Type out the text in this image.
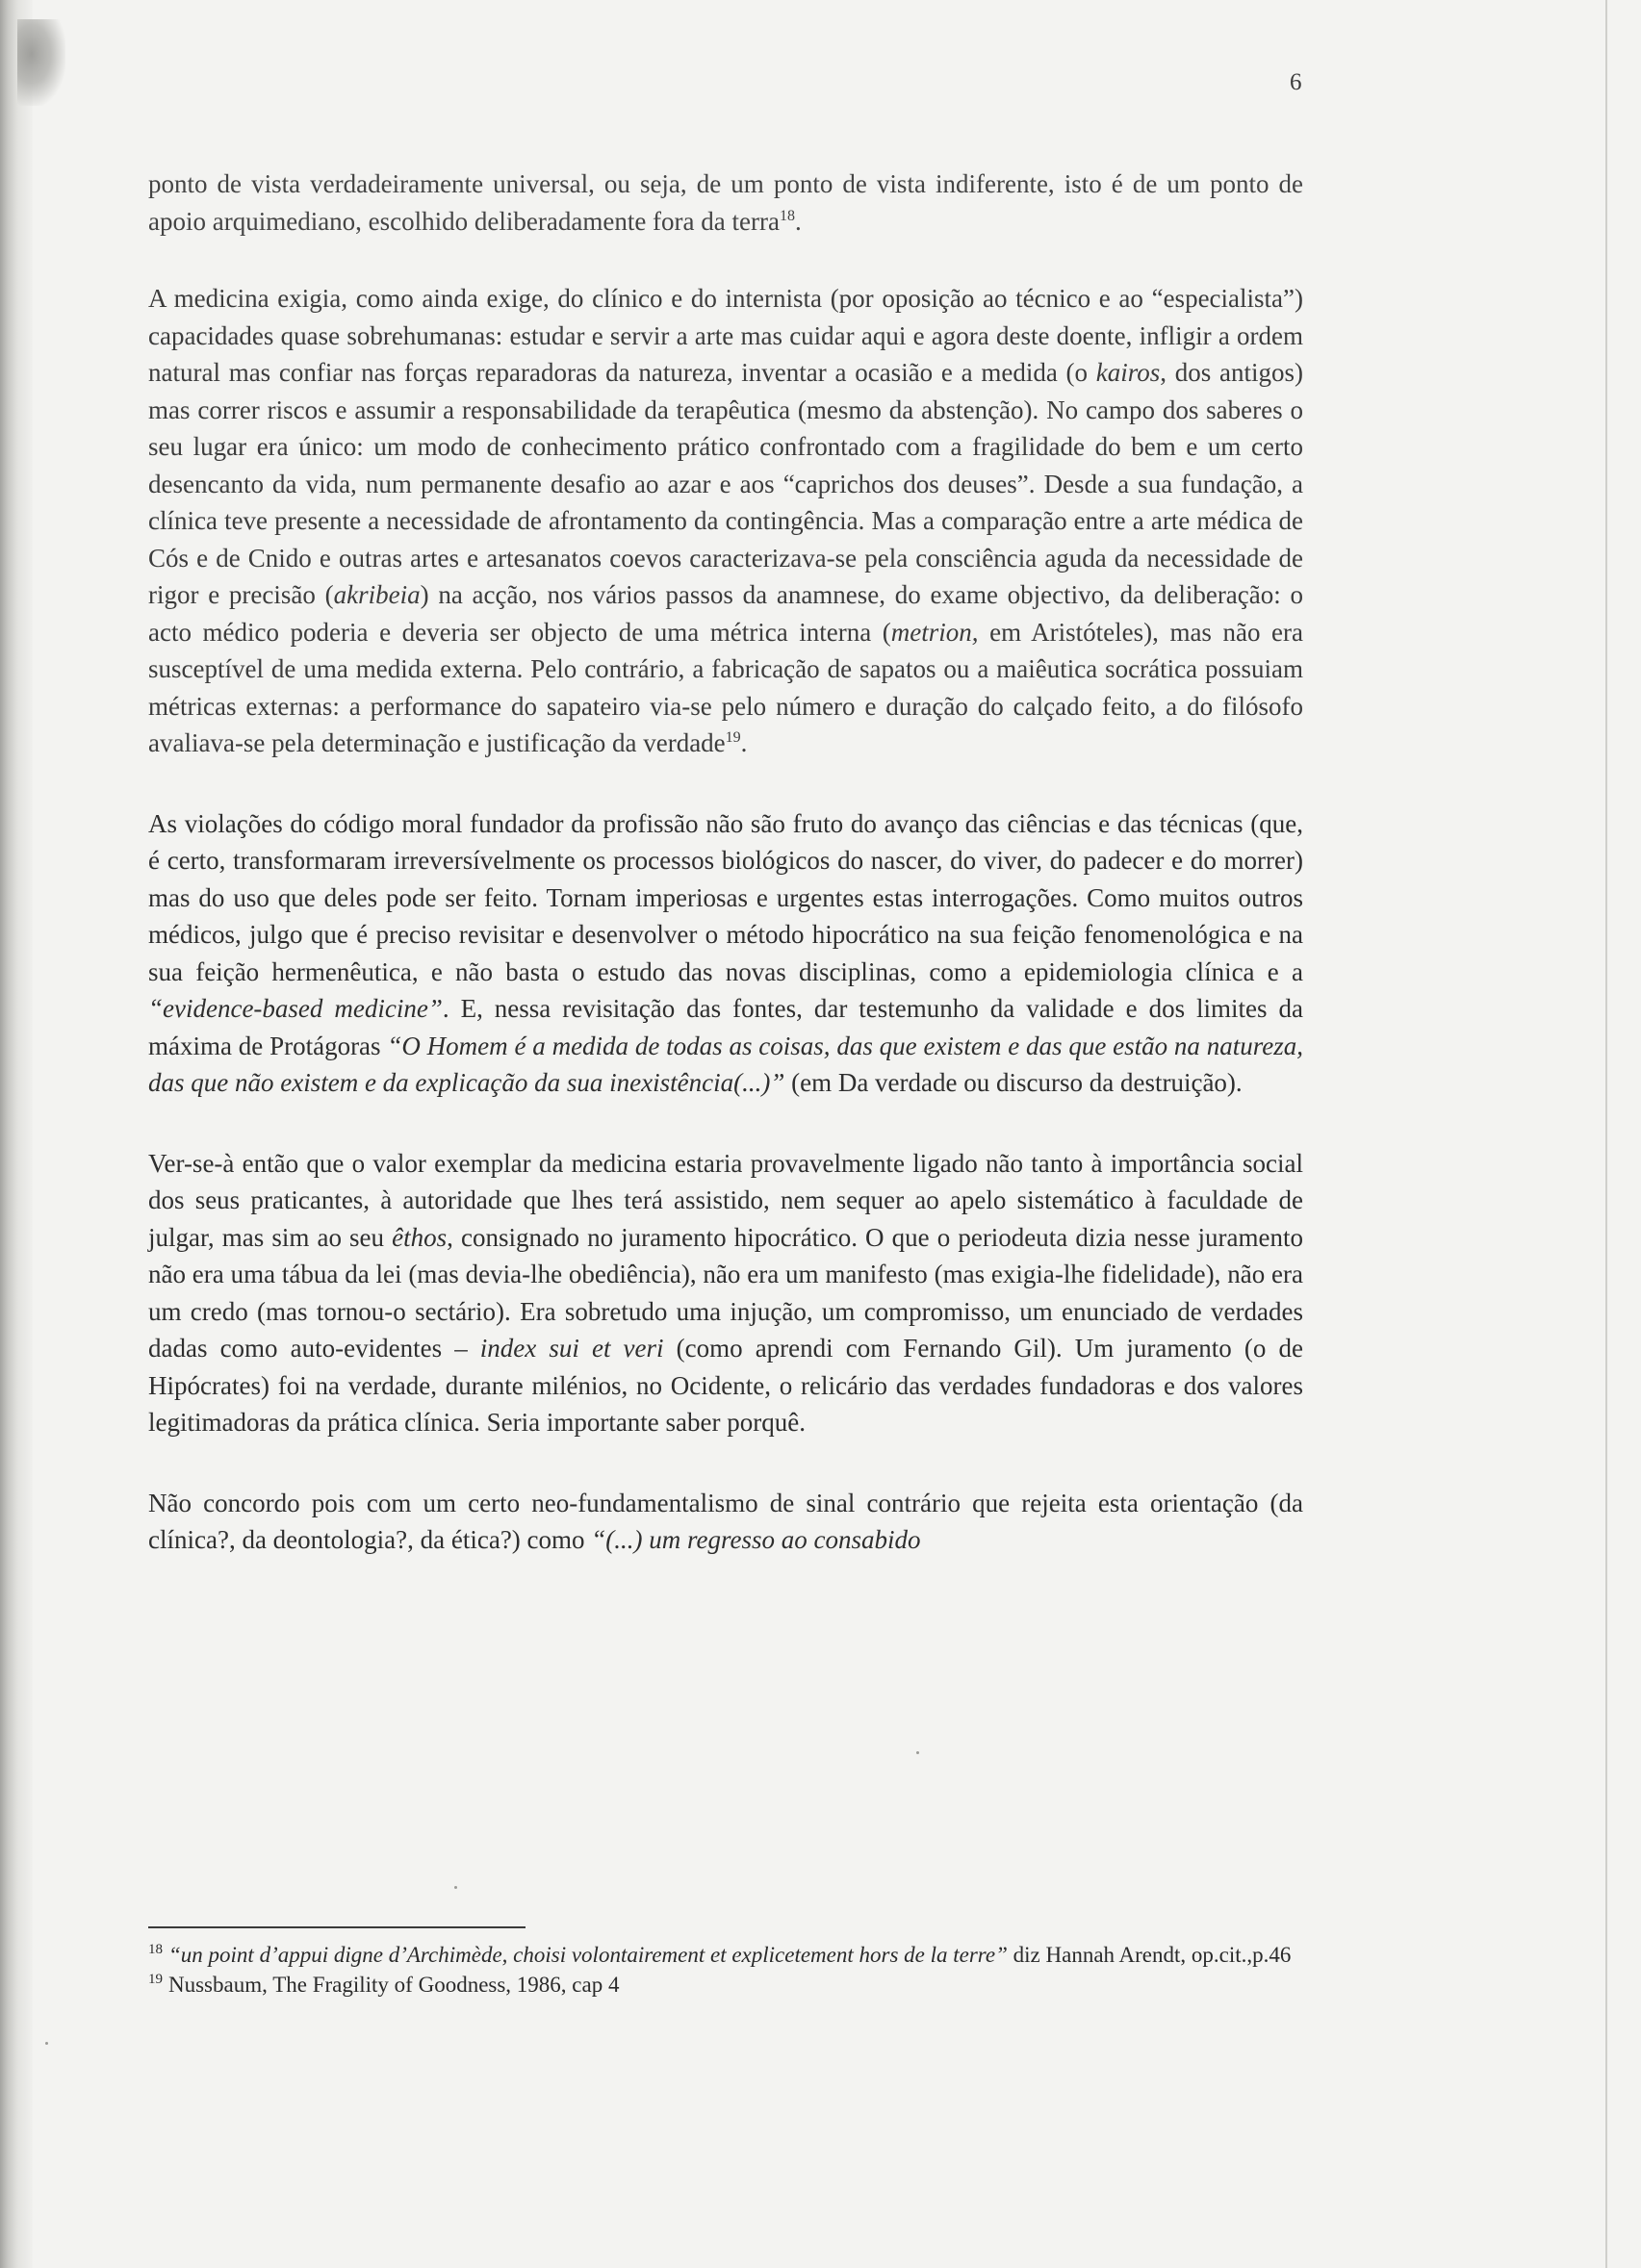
6

ponto de vista verdadeiramente universal, ou seja, de um ponto de vista indiferente, isto é de um ponto de apoio arquimediano, escolhido deliberadamente fora da terra$^{18}$.

A medicina exigia, como ainda exige, do clínico e do internista (por oposição ao técnico e ao “especialista”) capacidades quase sobrehumanas: estudar e servir a arte mas cuidar aqui e agora deste doente, infligir a ordem natural mas confiar nas forças reparadoras da natureza, inventar a ocasião e a medida (o kairos, dos antigos) mas correr riscos e assumir a responsabilidade da terapêutica (mesmo da abstenção). No campo dos saberes o seu lugar era único: um modo de conhecimento prático confrontado com a fragilidade do bem e um certo desencanto da vida, num permanente desafio ao azar e aos “caprichos dos deuses”. Desde a sua fundação, a clínica teve presente a necessidade de afrontamento da contingência. Mas a comparação entre a arte médica de Cós e de Cnido e outras artes e artesanatos coevos caracterizava-se pela consciência aguda da necessidade de rigor e precisão (akribeia) na acção, nos vários passos da anamnese, do exame objectivo, da deliberação: o acto médico poderia e deveria ser objecto de uma métrica interna (metrion, em Aristóteles), mas não era susceptível de uma medida externa. Pelo contrário, a fabricação de sapatos ou a maiêutica socrática possuiam métricas externas: a performance do sapateiro via-se pelo número e duração do calçado feito, a do filósofo avaliava-se pela determinação e justificação da verdade$^{19}$.

As violações do código moral fundador da profissão não são fruto do avanço das ciências e das técnicas (que, é certo, transformaram irreversívelmente os processos biológicos do nascer, do viver, do padecer e do morrer) mas do uso que deles pode ser feito. Tornam imperiosas e urgentes estas interrogações. Como muitos outros médicos, julgo que é preciso revisitar e desenvolver o método hipocrático na sua feição fenomenológica e na sua feição hermenêutica, e não basta o estudo das novas disciplinas, como a epidemiologia clínica e a “evidence-based medicine”. E, nessa revisitação das fontes, dar testemunho da validade e dos limites da máxima de Protágoras “O Homem é a medida de todas as coisas, das que existem e das que estão na natureza, das que não existem e da explicação da sua inexistência(...)” (em Da verdade ou discurso da destruição).

Ver-se-à então que o valor exemplar da medicina estaria provavelmente ligado não tanto à importância social dos seus praticantes, à autoridade que lhes terá assistido, nem sequer ao apelo sistemático à faculdade de julgar, mas sim ao seu êthos, consignado no juramento hipocrático. O que o periodeuta dizia nesse juramento não era uma tábua da lei (mas devia-lhe obediência), não era um manifesto (mas exigia-lhe fidelidade), não era um credo (mas tornou-o sectário). Era sobretudo uma injução, um compromisso, um enunciado de verdades dadas como auto-evidentes – index sui et veri (como aprendi com Fernando Gil). Um juramento (o de Hipócrates) foi na verdade, durante milénios, no Ocidente, o relicário das verdades fundadoras e dos valores legitimadoras da prática clínica. Seria importante saber porquê.

Não concordo pois com um certo neo-fundamentalismo de sinal contrário que rejeita esta orientação (da clínica?, da deontologia?, da ética?) como “(...) um regresso ao consabido

$^{18}$ “un point d’appui digne d’Archimède, choisi volontairement et explicetement hors de la terre” diz Hannah Arendt, op.cit.,p.46

$^{19}$ Nussbaum, The Fragility of Goodness, 1986, cap 4
